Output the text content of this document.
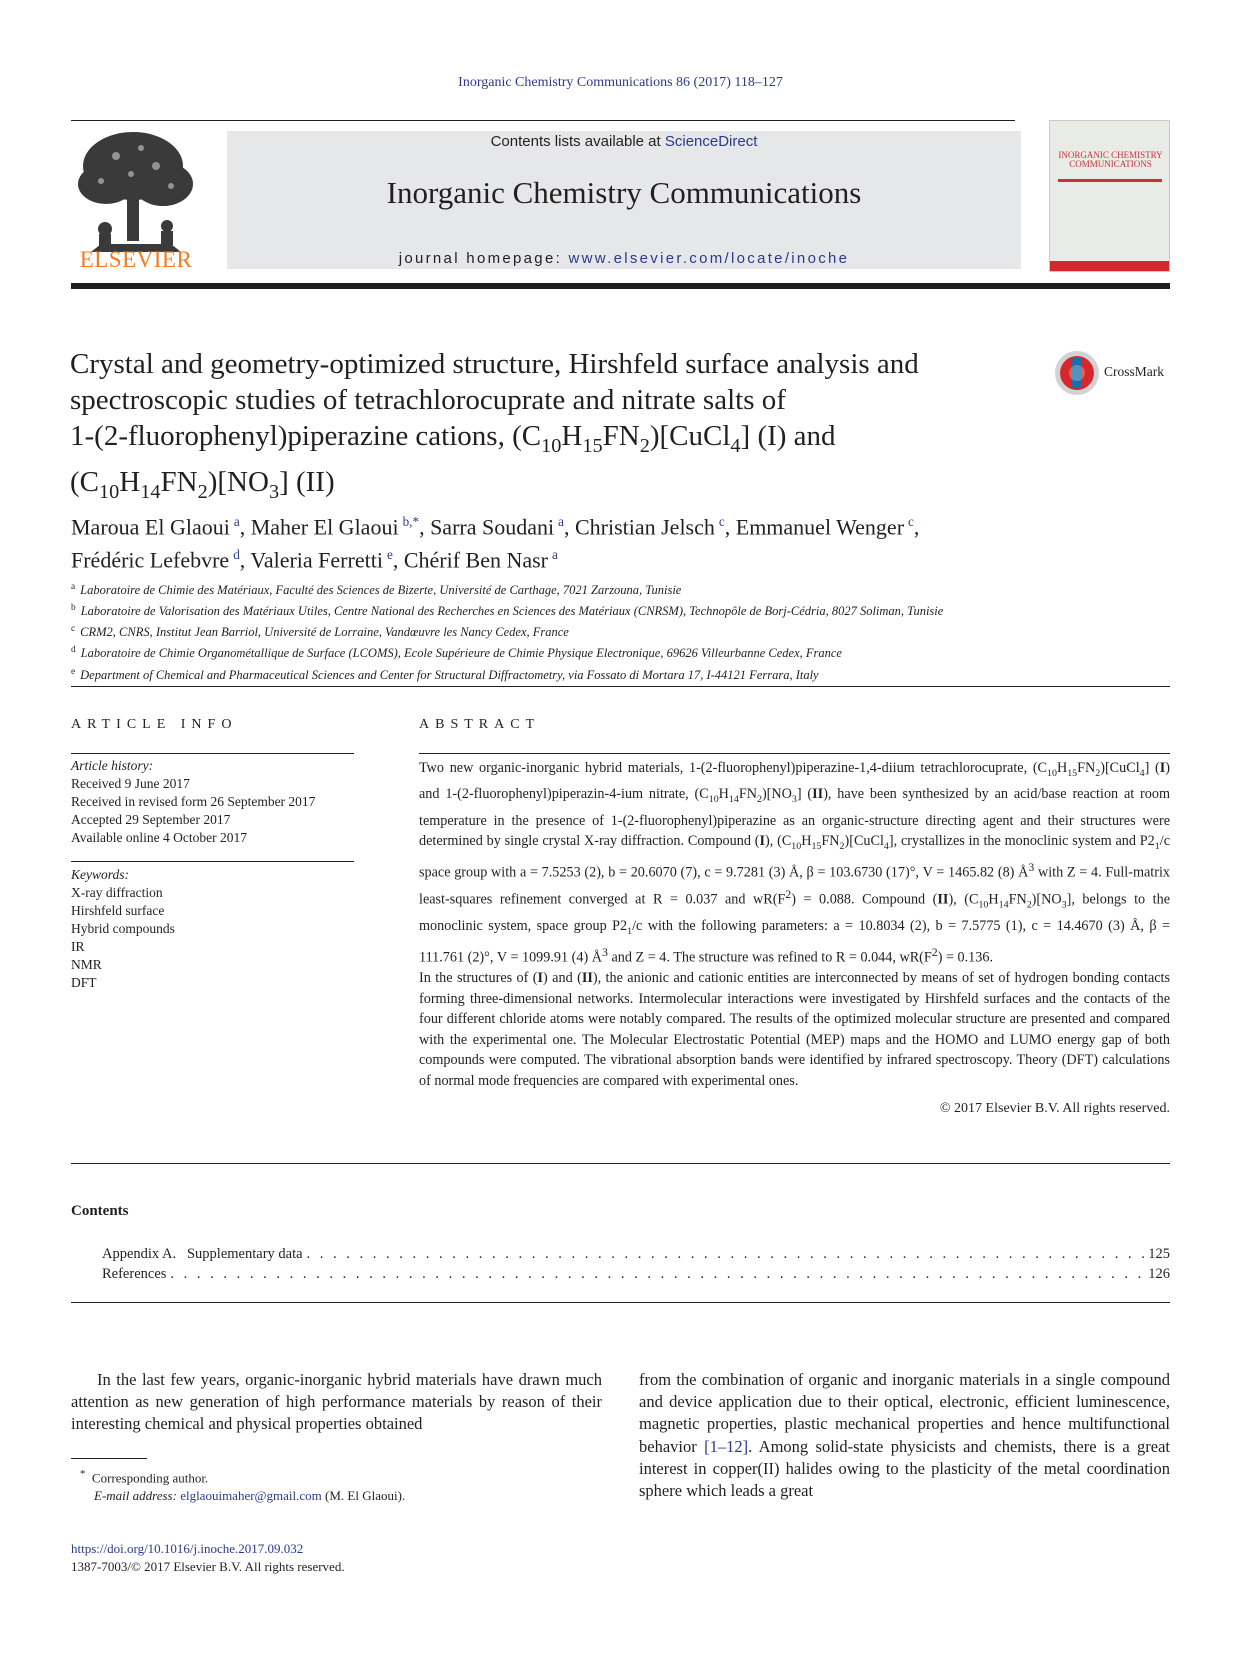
Inorganic Chemistry Communications 86 (2017) 118–127
ELSEVIER
Contents lists available at ScienceDirect
Inorganic Chemistry Communications
journal homepage: www.elsevier.com/locate/inoche
INORGANIC CHEMISTRY COMMUNICATIONS
Crystal and geometry-optimized structure, Hirshfeld surface analysis and
spectroscopic studies of tetrachlorocuprate and nitrate salts of
1-(2-fluorophenyl)piperazine cations, $(C_{10}H_{15}FN_2)[CuCl_4]$ (I) and
$(C_{10}H_{14}FN_2)[NO_3]$ (II)
CrossMark
Maroua El Glaoui $^a$, Maher El Glaoui $^{b,*}$, Sarra Soudani $^a$, Christian Jelsch $^c$, Emmanuel Wenger $^c$,
Frédéric Lefebvre $^d$, Valeria Ferretti $^e$, Chérif Ben Nasr $^a$
$^a$ Laboratoire de Chimie des Matériaux, Faculté des Sciences de Bizerte, Université de Carthage, 7021 Zarzouna, Tunisie
$^b$ Laboratoire de Valorisation des Matériaux Utiles, Centre National des Recherches en Sciences des Matériaux (CNRSM), Technopôle de Borj-Cédria, 8027 Soliman, Tunisie
$^c$ CRM2, CNRS, Institut Jean Barriol, Université de Lorraine, Vandœuvre les Nancy Cedex, France
$^d$ Laboratoire de Chimie Organométallique de Surface (LCOMS), Ecole Supérieure de Chimie Physique Electronique, 69626 Villeurbanne Cedex, France
$^e$ Department of Chemical and Pharmaceutical Sciences and Center for Structural Diffractometry, via Fossato di Mortara 17, I-44121 Ferrara, Italy
ARTICLE INFO
Article history:
Received 9 June 2017
Received in revised form 26 September 2017
Accepted 29 September 2017
Available online 4 October 2017
Keywords:
X-ray diffraction
Hirshfeld surface
Hybrid compounds
IR
NMR
DFT
ABSTRACT

Two new organic-inorganic hybrid materials, 1-(2-fluorophenyl)piperazine-1,4-diium tetrachlorocuprate, $(C_{10}H_{15}FN_2)[CuCl_4]$ (I) and 1-(2-fluorophenyl)piperazin-4-ium nitrate, $(C_{10}H_{14}FN_2)[NO_3]$ (II), have been synthesized by an acid/base reaction at room temperature in the presence of 1-(2-fluorophenyl)piperazine as an organic-structure directing agent and their structures were determined by single crystal X-ray diffraction. Compound (I), $(C_{10}H_{15}FN_2)[CuCl_4]$, crystallizes in the monoclinic system and $P2_1/c$ space group with a = 7.5253 (2), b = 20.6070 (7), c = 9.7281 (3) Å, β = 103.6730 (17)°, V = 1465.82 (8) $Å^3$ with Z = 4. Full-matrix least-squares refinement converged at R = 0.037 and $wR(F^2) = 0.088$. Compound (II), $(C_{10}H_{14}FN_2)[NO_3]$, belongs to the monoclinic system, space group $P2_1/c$ with the following parameters: a = 10.8034 (2), b = 7.5775 (1), c = 14.4670 (3) Å, β = 111.761 (2)°, V = 1099.91 (4) $Å^3$ and Z = 4. The structure was refined to R = 0.044, $wR(F^2) = 0.136$.

In the structures of (I) and (II), the anionic and cationic entities are interconnected by means of set of hydrogen bonding contacts forming three-dimensional networks. Intermolecular interactions were investigated by Hirshfeld surfaces and the contacts of the four different chloride atoms were notably compared. The results of the optimized molecular structure are presented and compared with the experimental one. The Molecular Electrostatic Potential (MEP) maps and the HOMO and LUMO energy gap of both compounds were computed. The vibrational absorption bands were identified by infrared spectroscopy. Theory (DFT) calculations of normal mode frequencies are compared with experimental ones.

© 2017 Elsevier B.V. All rights reserved.
Contents
Appendix A.   Supplementary data . . .	125
References . . .	126
In the last few years, organic-inorganic hybrid materials have drawn much attention as new generation of high performance materials by reason of their interesting chemical and physical properties obtained
from the combination of organic and inorganic materials in a single compound and device application due to their optical, electronic, efficient luminescence, magnetic properties, plastic mechanical properties and hence multifunctional behavior [1–12]. Among solid-state physicists and chemists, there is a great interest in copper(II) halides owing to the plasticity of the metal coordination sphere which leads a great
* Corresponding author.
E-mail address: elglaouimaher@gmail.com (M. El Glaoui).
https://doi.org/10.1016/j.inoche.2017.09.032
1387-7003/© 2017 Elsevier B.V. All rights reserved.
